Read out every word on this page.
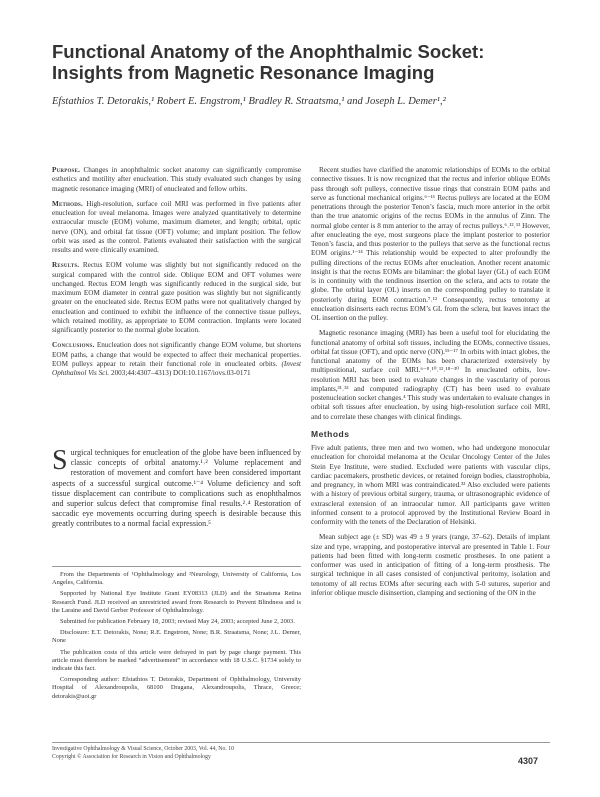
Functional Anatomy of the Anophthalmic Socket: Insights from Magnetic Resonance Imaging

Efstathios T. Detorakis,¹ Robert E. Engstrom,¹ Bradley R. Straatsma,¹ and Joseph L. Demer¹,²

Purpose. Changes in anophthalmic socket anatomy can significantly compromise esthetics and motility after enucleation. This study evaluated such changes by using magnetic resonance imaging (MRI) of enucleated and fellow orbits.

Methods. High-resolution, surface coil MRI was performed in five patients after enucleation for uveal melanoma. Images were analyzed quantitatively to determine extraocular muscle (EOM) volume, maximum diameter, and length; orbital, optic nerve (ON), and orbital fat tissue (OFT) volume; and implant position. The fellow orbit was used as the control. Patients evaluated their satisfaction with the surgical results and were clinically examined.

Results. Rectus EOM volume was slightly but not significantly reduced on the surgical compared with the control side. Oblique EOM and OFT volumes were unchanged. Rectus EOM length was significantly reduced in the surgical side, but maximum EOM diameter in central gaze position was slightly but not significantly greater on the enucleated side. Rectus EOM paths were not qualitatively changed by enucleation and continued to exhibit the influence of the connective tissue pulleys, which retained motility, as appropriate to EOM contraction. Implants were located significantly posterior to the normal globe location.

Conclusions. Enucleation does not significantly change EOM volume, but shortens EOM paths, a change that would be expected to affect their mechanical properties. EOM pulleys appear to retain their functional role in enucleated orbits. (Invest Ophthalmol Vis Sci. 2003;44:4307–4313) DOI:10.1167/iovs.03-0171

Surgical techniques for enucleation of the globe have been influenced by classic concepts of orbital anatomy.¹˒² Volume replacement and restoration of movement and comfort have been considered important aspects of a successful surgical outcome.¹⁻⁴ Volume deficiency and soft tissue displacement can contribute to complications such as enophthalmos and superior sulcus defect that compromise final results.²˒⁴ Restoration of saccadic eye movements occurring during speech is desirable because this greatly contributes to a normal facial expression.⁵

From the Departments of ¹Ophthalmology and ²Neurology, University of California, Los Angeles, California.

Supported by National Eye Institute Grant EY08313 (JLD) and the Straatsma Retina Research Fund. JLD received an unrestricted award from Research to Prevent Blindness and is the Laraine and David Gerber Professor of Ophthalmology.

Submitted for publication February 18, 2003; revised May 24, 2003; accepted June 2, 2003.

Disclosure: E.T. Detorakis, None; R.E. Engstrom, None; B.R. Straatsma, None; J.L. Demer, None

The publication costs of this article were defrayed in part by page charge payment. This article must therefore be marked “advertisement” in accordance with 18 U.S.C. §1734 solely to indicate this fact.

Corresponding author: Efstathios T. Detorakis, Department of Ophthalmology, University Hospital of Alexandroupolis, 68100 Dragana, Alexandroupolis, Thrace, Greece; detorakis@uoi.gr

Recent studies have clarified the anatomic relationships of EOMs to the orbital connective tissues. It is now recognized that the rectus and inferior oblique EOMs pass through soft pulleys, connective tissue rings that constrain EOM paths and serve as functional mechanical origins.⁶⁻¹¹ Rectus pulleys are located at the EOM penetrations through the posterior Tenon’s fascia, much more anterior in the orbit than the true anatomic origins of the rectus EOMs in the annulus of Zinn. The normal globe center is 8 mm anterior to the array of rectus pulleys.⁶˒¹²˒¹³ However, after enucleating the eye, most surgeons place the implant posterior to posterior Tenon’s fascia, and thus posterior to the pulleys that serve as the functional rectus EOM origins.¹⁻¹⁴ This relationship would be expected to alter profoundly the pulling directions of the rectus EOMs after enucleation. Another recent anatomic insight is that the rectus EOMs are bilaminar: the global layer (GL) of each EOM is in continuity with the tendinous insertion on the sclera, and acts to rotate the globe. The orbital layer (OL) inserts on the corresponding pulley to translate it posteriorly during EOM contraction.⁷˒¹² Consequently, rectus tenotomy at enucleation disinserts each rectus EOM’s GL from the sclera, but leaves intact the OL insertion on the pulley.

Magnetic resonance imaging (MRI) has been a useful tool for elucidating the functional anatomy of orbital soft tissues, including the EOMs, connective tissues, orbital fat tissue (OFT), and optic nerve (ON).¹⁵⁻¹⁷ In orbits with intact globes, the functional anatomy of the EOMs has been characterized extensively by multipositional, surface coil MRI.⁶⁻⁸˒¹⁰˒¹²˒¹⁸⁻³⁰ In enucleated orbits, low-resolution MRI has been used to evaluate changes in the vascularity of porous implants,³¹˒³² and computed radiography (CT) has been used to evaluate postenucleation socket changes.⁴ This study was undertaken to evaluate changes in orbital soft tissues after enucleation, by using high-resolution surface coil MRI, and to correlate these changes with clinical findings.

Methods

Five adult patients, three men and two women, who had undergone monocular enucleation for choroidal melanoma at the Ocular Oncology Center of the Jules Stein Eye Institute, were studied. Excluded were patients with vascular clips, cardiac pacemakers, prosthetic devices, or retained foreign bodies, claustrophobia, and pregnancy, in whom MRI was contraindicated.³³ Also excluded were patients with a history of previous orbital surgery, trauma, or ultrasonographic evidence of extrascleral extension of an intraocular tumor. All participants gave written informed consent to a protocol approved by the Institutional Review Board in conformity with the tenets of the Declaration of Helsinki.

Mean subject age (± SD) was 49 ± 9 years (range, 37–62). Details of implant size and type, wrapping, and postoperative interval are presented in Table 1. Four patients had been fitted with long-term cosmetic prostheses. In one patient a conformer was used in anticipation of fitting of a long-term prosthesis. The surgical technique in all cases consisted of conjunctival peritomy, isolation and tenotomy of all rectus EOMs after securing each with 5-0 sutures, superior and inferior oblique muscle disinsertion, clamping and sectioning of the ON in the

Investigative Ophthalmology & Visual Science, October 2003, Vol. 44, No. 10
Copyright © Association for Research in Vision and Ophthalmology	4307
